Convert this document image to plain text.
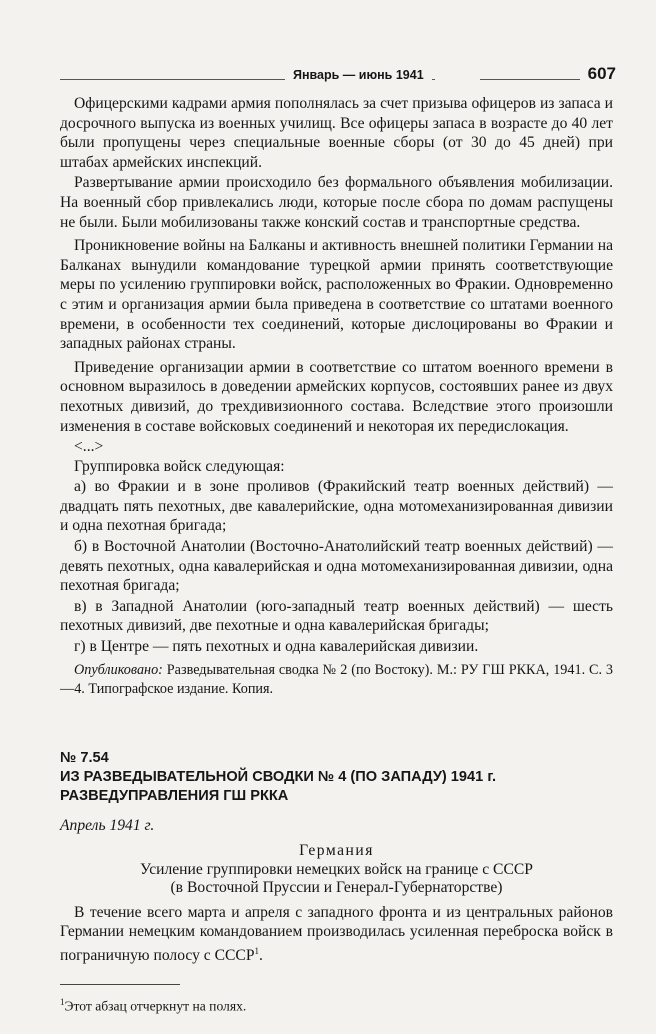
Январь — июнь 1941	607

Офицерскими кадрами армия пополнялась за счет призыва офицеров из запаса и досрочного выпуска из военных училищ. Все офицеры запаса в возрасте до 40 лет были пропущены через специальные военные сборы (от 30 до 45 дней) при штабах армейских инспекций.

Развертывание армии происходило без формального объявления мобилизации. На военный сбор привлекались люди, которые после сбора по домам распущены не были. Были мобилизованы также конский состав и транспортные средства.

Проникновение войны на Балканы и активность внешней политики Германии на Балканах вынудили командование турецкой армии принять соответствующие меры по усилению группировки войск, расположенных во Фракии. Одновременно с этим и организация армии была приведена в соответствие со штатами военного времени, в особенности тех соединений, которые дислоцированы во Фракии и западных районах страны.

Приведение организации армии в соответствие со штатом военного времени в основном выразилось в доведении армейских корпусов, состоявших ранее из двух пехотных дивизий, до трехдивизионного состава. Вследствие этого произошли изменения в составе войсковых соединений и некоторая их передислокация.

<...>

Группировка войск следующая:

а) во Фракии и в зоне проливов (Фракийский театр военных действий) — двадцать пять пехотных, две кавалерийские, одна мотомеханизированная дивизии и одна пехотная бригада;

б) в Восточной Анатолии (Восточно-Анатолийский театр военных действий) — девять пехотных, одна кавалерийская и одна мотомеханизированная дивизии, одна пехотная бригада;

в) в Западной Анатолии (юго-западный театр военных действий) — шесть пехотных дивизий, две пехотные и одна кавалерийская бригады;

г) в Центре — пять пехотных и одна кавалерийская дивизии.

Опубликовано: Разведывательная сводка № 2 (по Востоку). М.: РУ ГШ РККА, 1941. С. 3—4. Типографское издание. Копия.

№ 7.54
ИЗ РАЗВЕДЫВАТЕЛЬНОЙ СВОДКИ № 4 (ПО ЗАПАДУ) 1941 г.
РАЗВЕДУПРАВЛЕНИЯ ГШ РККА
Апрель 1941 г.

Германия

Усиление группировки немецких войск на границе с СССР

(в Восточной Пруссии и Генерал-Губернаторстве)

В течение всего марта и апреля с западного фронта и из центральных районов Германии немецким командованием производилась усиленная переброска войск в пограничную полосу с СССР$^1$.

$^1$Этот абзац отчеркнут на полях.
